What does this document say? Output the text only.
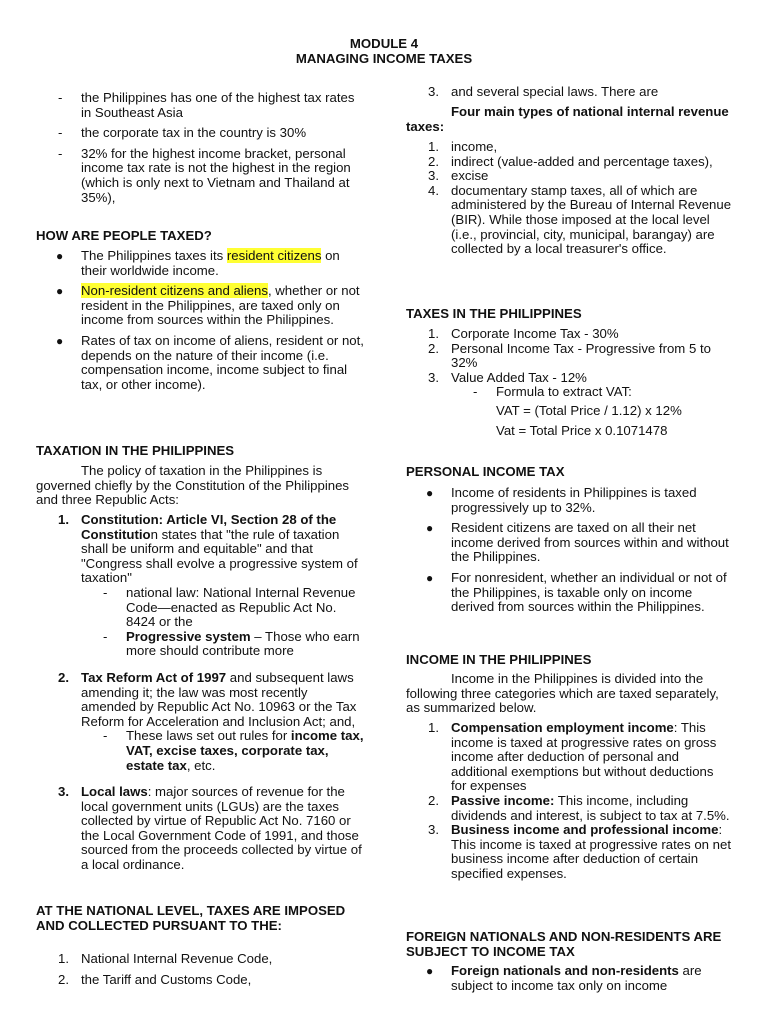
MODULE 4
MANAGING INCOME TAXES
- the Philippines has one of the highest tax rates in Southeast Asia
- the corporate tax in the country is 30%
- 32% for the highest income bracket, personal income tax rate is not the highest in the region (which is only next to Vietnam and Thailand at 35%),
HOW ARE PEOPLE TAXED?
● The Philippines taxes its resident citizens on their worldwide income.
● Non-resident citizens and aliens, whether or not resident in the Philippines, are taxed only on income from sources within the Philippines.
● Rates of tax on income of aliens, resident or not, depends on the nature of their income (i.e. compensation income, income subject to final tax, or other income).
TAXATION IN THE PHILIPPINES
The policy of taxation in the Philippines is governed chiefly by the Constitution of the Philippines and three Republic Acts:
1. Constitution: Article VI, Section 28 of the Constitution states that "the rule of taxation shall be uniform and equitable" and that "Congress shall evolve a progressive system of taxation"
- national law: National Internal Revenue Code—enacted as Republic Act No. 8424 or the
- Progressive system – Those who earn more should contribute more
2. Tax Reform Act of 1997 and subsequent laws amending it; the law was most recently amended by Republic Act No. 10963 or the Tax Reform for Acceleration and Inclusion Act; and,
- These laws set out rules for income tax, VAT, excise taxes, corporate tax, estate tax, etc.
3. Local laws: major sources of revenue for the local government units (LGUs) are the taxes collected by virtue of Republic Act No. 7160 or the Local Government Code of 1991, and those sourced from the proceeds collected by virtue of a local ordinance.
AT THE NATIONAL LEVEL, TAXES ARE IMPOSED AND COLLECTED PURSUANT TO THE:
1. National Internal Revenue Code,
2. the Tariff and Customs Code,
3. and several special laws. There are
Four main types of national internal revenue taxes:
1. income,
2. indirect (value-added and percentage taxes),
3. excise
4. documentary stamp taxes, all of which are administered by the Bureau of Internal Revenue (BIR). While those imposed at the local level (i.e., provincial, city, municipal, barangay) are collected by a local treasurer's office.
TAXES IN THE PHILIPPINES
1. Corporate Income Tax - 30%
2. Personal Income Tax - Progressive from 5 to 32%
3. Value Added Tax - 12%
- Formula to extract VAT:
VAT = (Total Price / 1.12) x 12%
Vat = Total Price x 0.1071478
PERSONAL INCOME TAX
● Income of residents in Philippines is taxed progressively up to 32%.
● Resident citizens are taxed on all their net income derived from sources within and without the Philippines.
● For nonresident, whether an individual or not of the Philippines, is taxable only on income derived from sources within the Philippines.
INCOME IN THE PHILIPPINES
Income in the Philippines is divided into the following three categories which are taxed separately, as summarized below.
1. Compensation employment income: This income is taxed at progressive rates on gross income after deduction of personal and additional exemptions but without deductions for expenses
2. Passive income: This income, including dividends and interest, is subject to tax at 7.5%.
3. Business income and professional income: This income is taxed at progressive rates on net business income after deduction of certain specified expenses.
FOREIGN NATIONALS AND NON-RESIDENTS ARE SUBJECT TO INCOME TAX
● Foreign nationals and non-residents are subject to income tax only on income
